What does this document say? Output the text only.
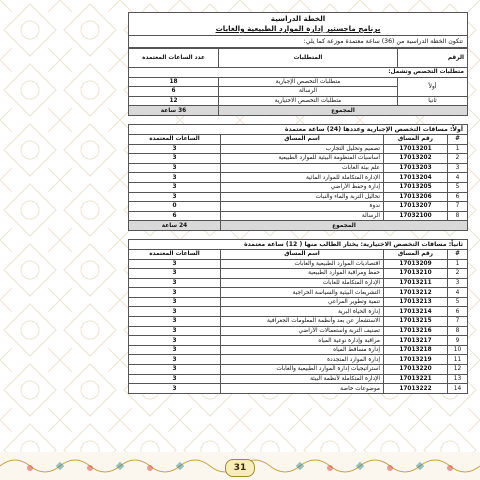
الخطة الدراسية
برنامج ماجستير إدارة الموارد الطبيعية والغابات
تتكون الخطة الدراسية من (36) ساعة معتمدة موزعة كما يلي:
الرقم	المتطلبات	عدد الساعات المعتمدة
متطلبات التخصص وتشمل:		
أولاً	متطلبات التخصص الإجبارية	18
	الرسالة	6
ثانياً	متطلبات التخصص الاختيارية	12
المجموع		36 ساعة
أولاً: مساقات التخصص الإجبارية وعددها (24) ساعة معتمدة
#	رقم المساق	اسم المساق	الساعات المعتمدة
1	17013201	تصميم وتحليل التجارب	3
2	17013202	أساسيات المنظومة البيئية للموارد الطبيعية	3
3	17013203	علم بيئة الغابات	3
4	17013204	الإدارة المتكاملة للموارد المائية	3
5	17013205	إدارة وحفظ الأراضي	3
6	17013206	تحاليل التربة والماء والنبات	3
7	17013207	ندوة	0
8	17032100	الرسالة	6
المجموع			24 ساعة
ثانياً: مساقات التخصص الاختيارية: يختار الطالب منها ( 12) ساعة معتمدة
#	رقم المساق	اسم المساق	الساعات المعتمدة
1	17013209	اقتصاديات الموارد الطبيعية والغابات	3
2	17013210	حفظ ومراقبة الموارد الطبيعية	3
3	17013211	الإدارة المتكاملة للغابات	3
4	17013212	التشريعات البيئية والسياسة الحراجية	3
5	17013213	تنمية وتطوير المراعي	3
6	17013214	إدارة الحياة البرية	3
7	17013215	الاستشعار عن بعد وأنظمة المعلومات الجغرافية	3
8	17013216	تصنيف التربة واستعمالات الأراضي	3
9	17013217	مراقبة وإدارة نوعية المياه	3
10	17013218	إدارة مساقط المياه	3
11	17013219	إدارة الموارد المتجددة	3
12	17013220	استراتيجيات إدارة الموارد الطبيعية والغابات	3
13	17013221	الإدارة المتكاملة لأنظمة البيئة	3
14	17013222	موضوعات خاصة	3
31
